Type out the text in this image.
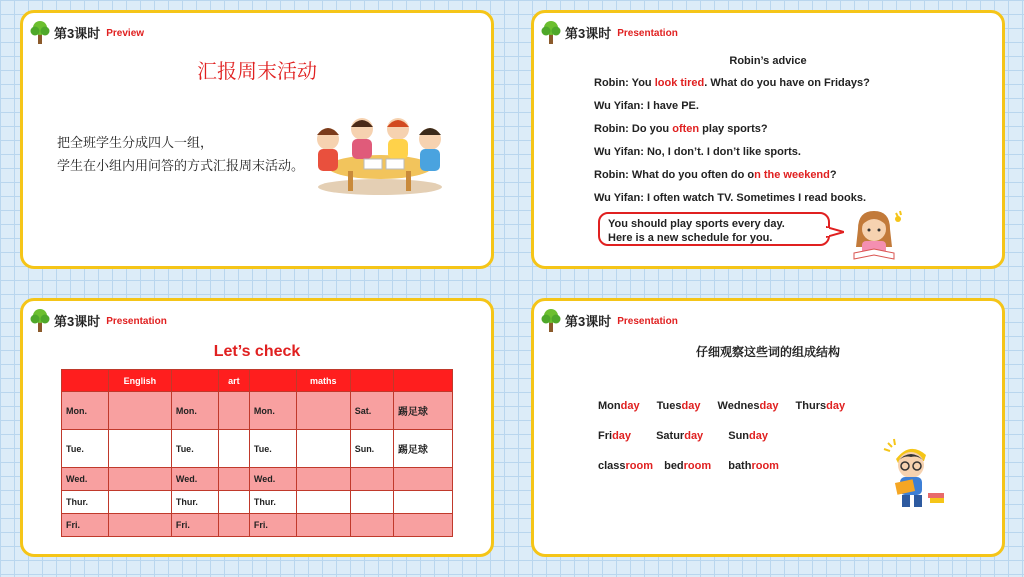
第3课时 Preview
汇报周末活动
把全班学生分成四人一组，
学生在小组内用问答的方式汇报周末活动。
第3课时 Presentation
Robin’s advice
Robin: You look tired. What do you have on Fridays?
Wu Yifan: I have PE.
Robin: Do you often play sports?
Wu Yifan: No, I don’t. I don’t like sports.
Robin: What do you often do on the weekend?
Wu Yifan: I often watch TV. Sometimes I read books.
You should play sports every day.
Here is a new schedule for you.
第3课时 Presentation
Let’s check
	English		art		maths		
Mon.		Mon.		Mon.		Sat.	踢足球
Tue.		Tue.		Tue.		Sun.	踢足球
Wed.		Wed.		Wed.			
Thur.		Thur.		Thur.			
Fri.		Fri.		Fri.			
第3课时 Presentation
仔细观察这些词的组成结构
Monday Tuesday Wednesday Thursday
Friday Saturday Sunday
classroom bedroom bathroom
